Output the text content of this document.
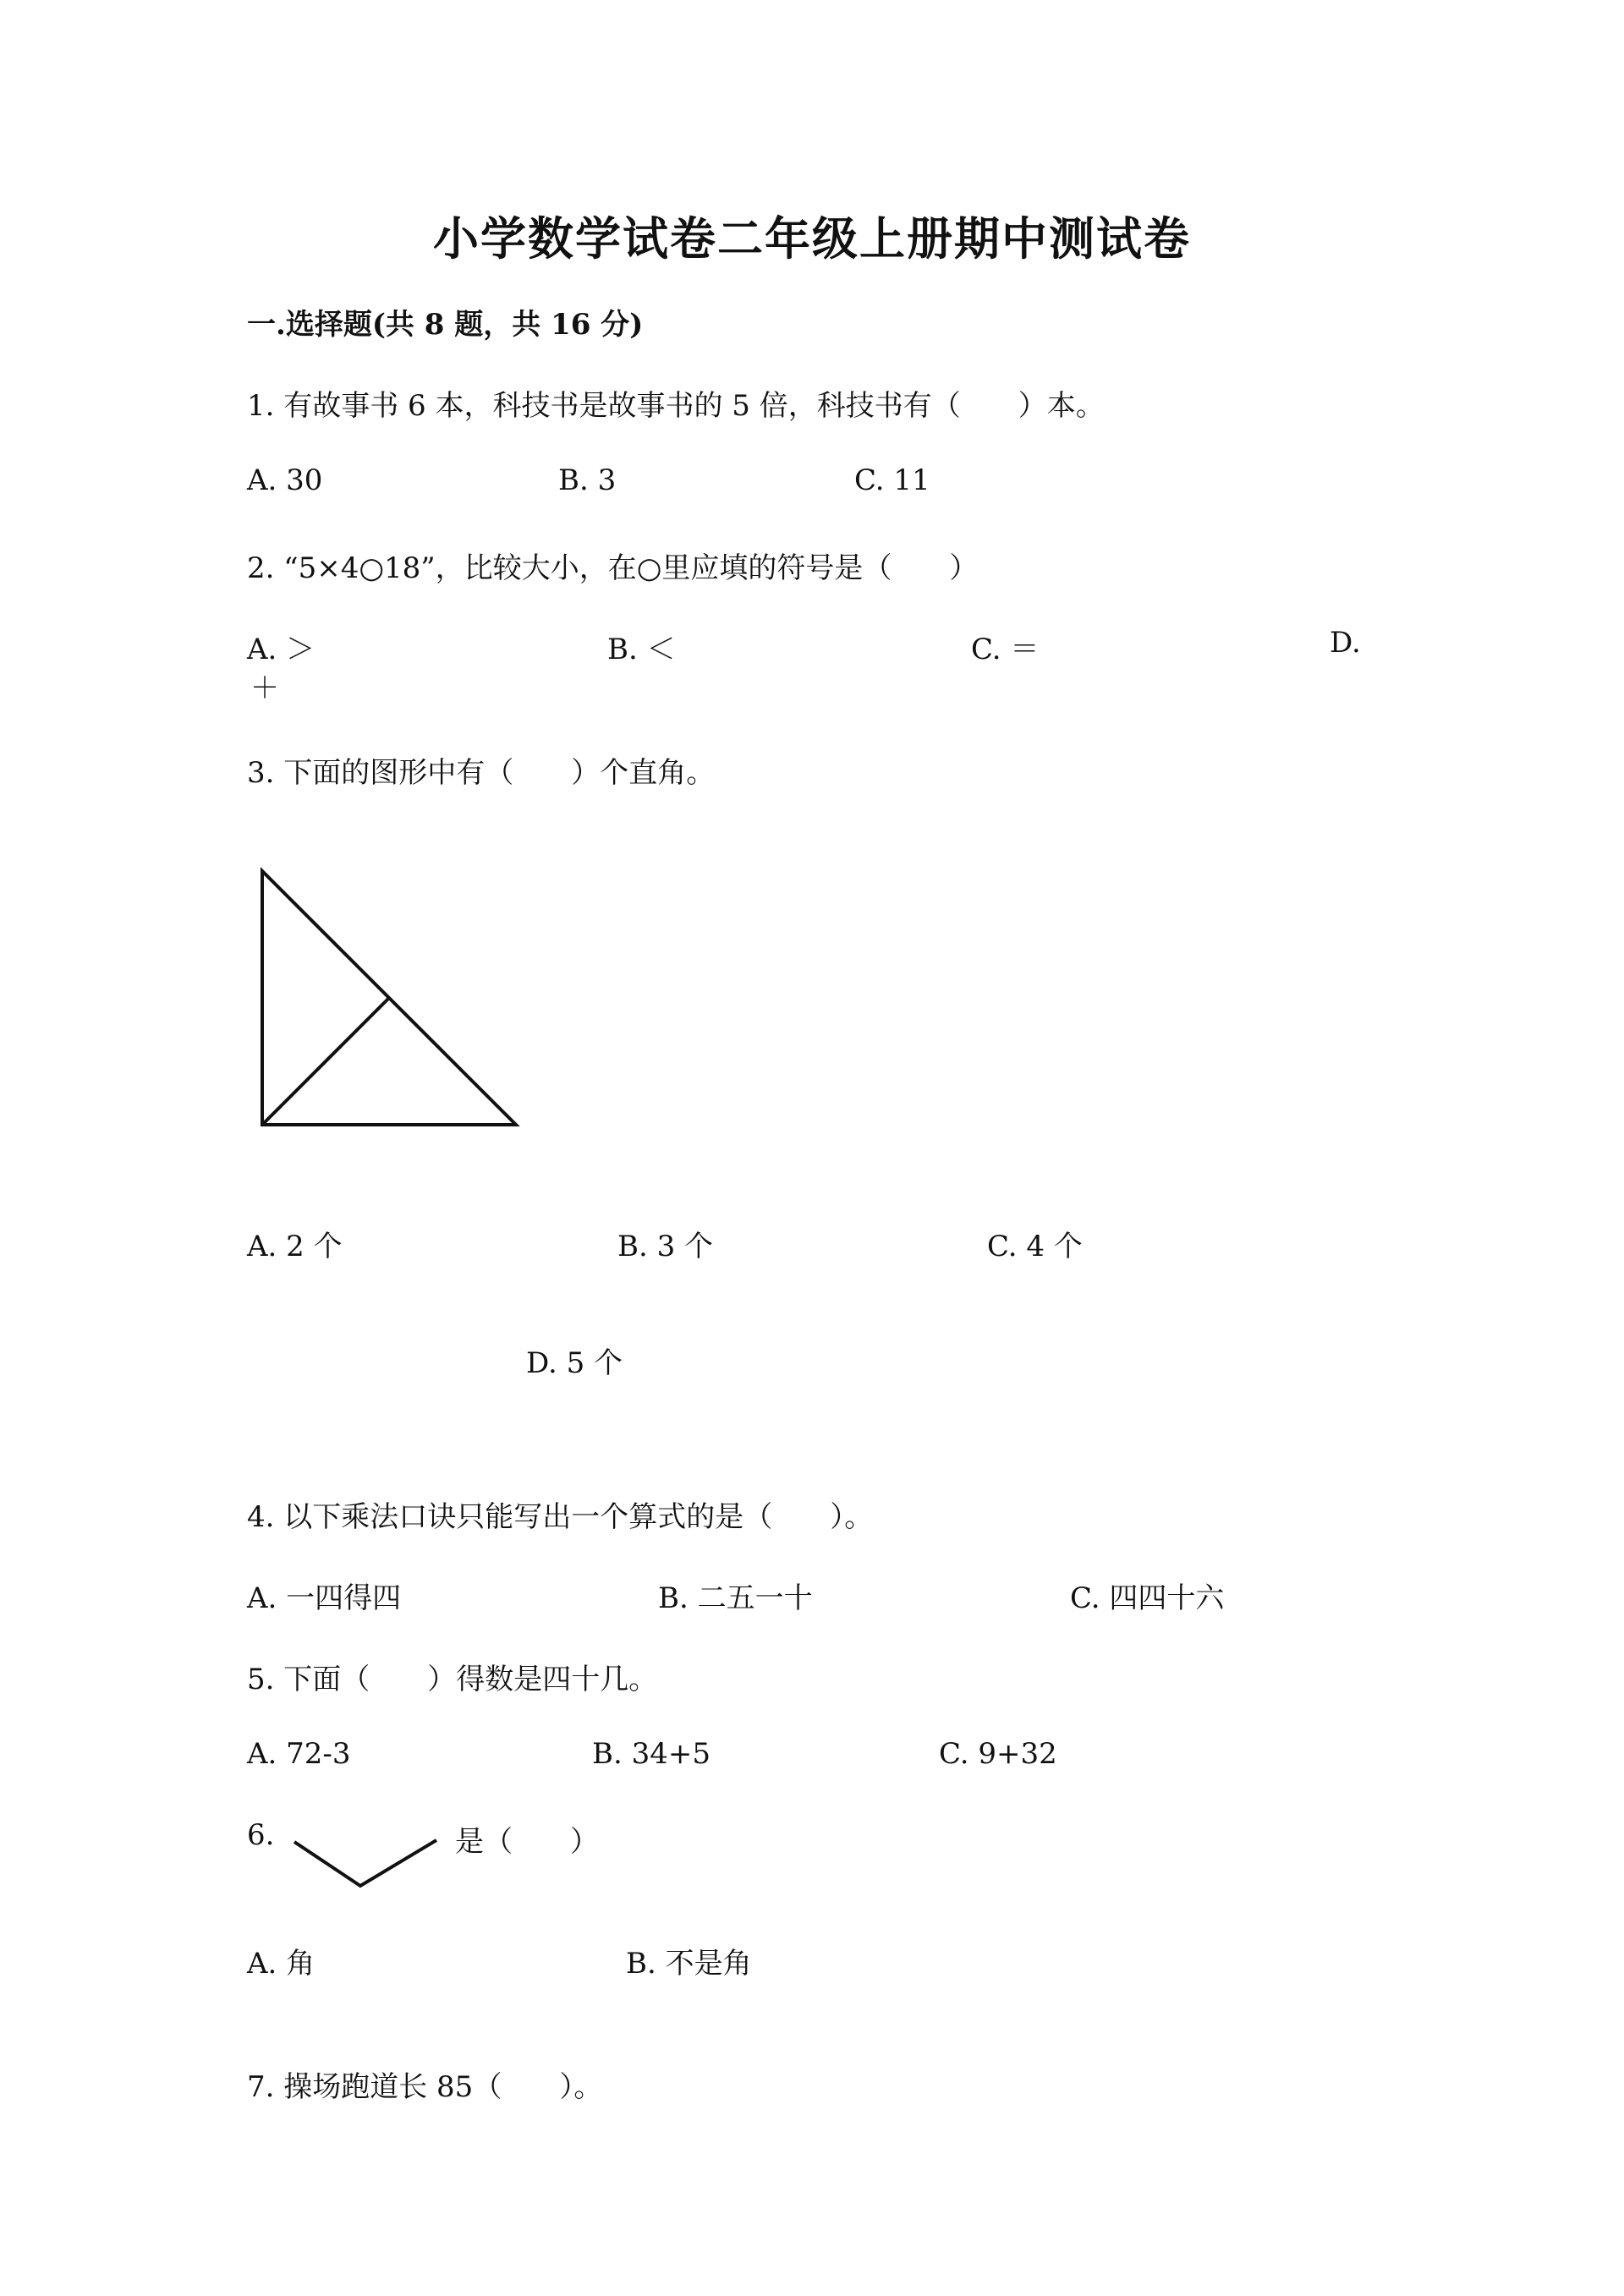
小学数学试卷二年级上册期中测试卷
一.选择题(共 8 题，共 16 分)
1. 有故事书 6 本，科技书是故事书的 5 倍，科技书有（　　）本。
A. 30	B. 3	C. 11
2. “5×4○18”，比较大小，在○里应填的符号是（　　）
A. ＞	B. ＜	C. ＝	D.
＋
3. 下面的图形中有（　　）个直角。
A. 2 个	B. 3 个	C. 4 个
D. 5 个
4. 以下乘法口诀只能写出一个算式的是（　　）。
A. 一四得四	B. 二五一十	C. 四四十六
5. 下面（　　）得数是四十几。
A. 72-3	B. 34+5	C. 9+32
6.	是（　　）
A. 角	B. 不是角
7. 操场跑道长 85（　　）。
